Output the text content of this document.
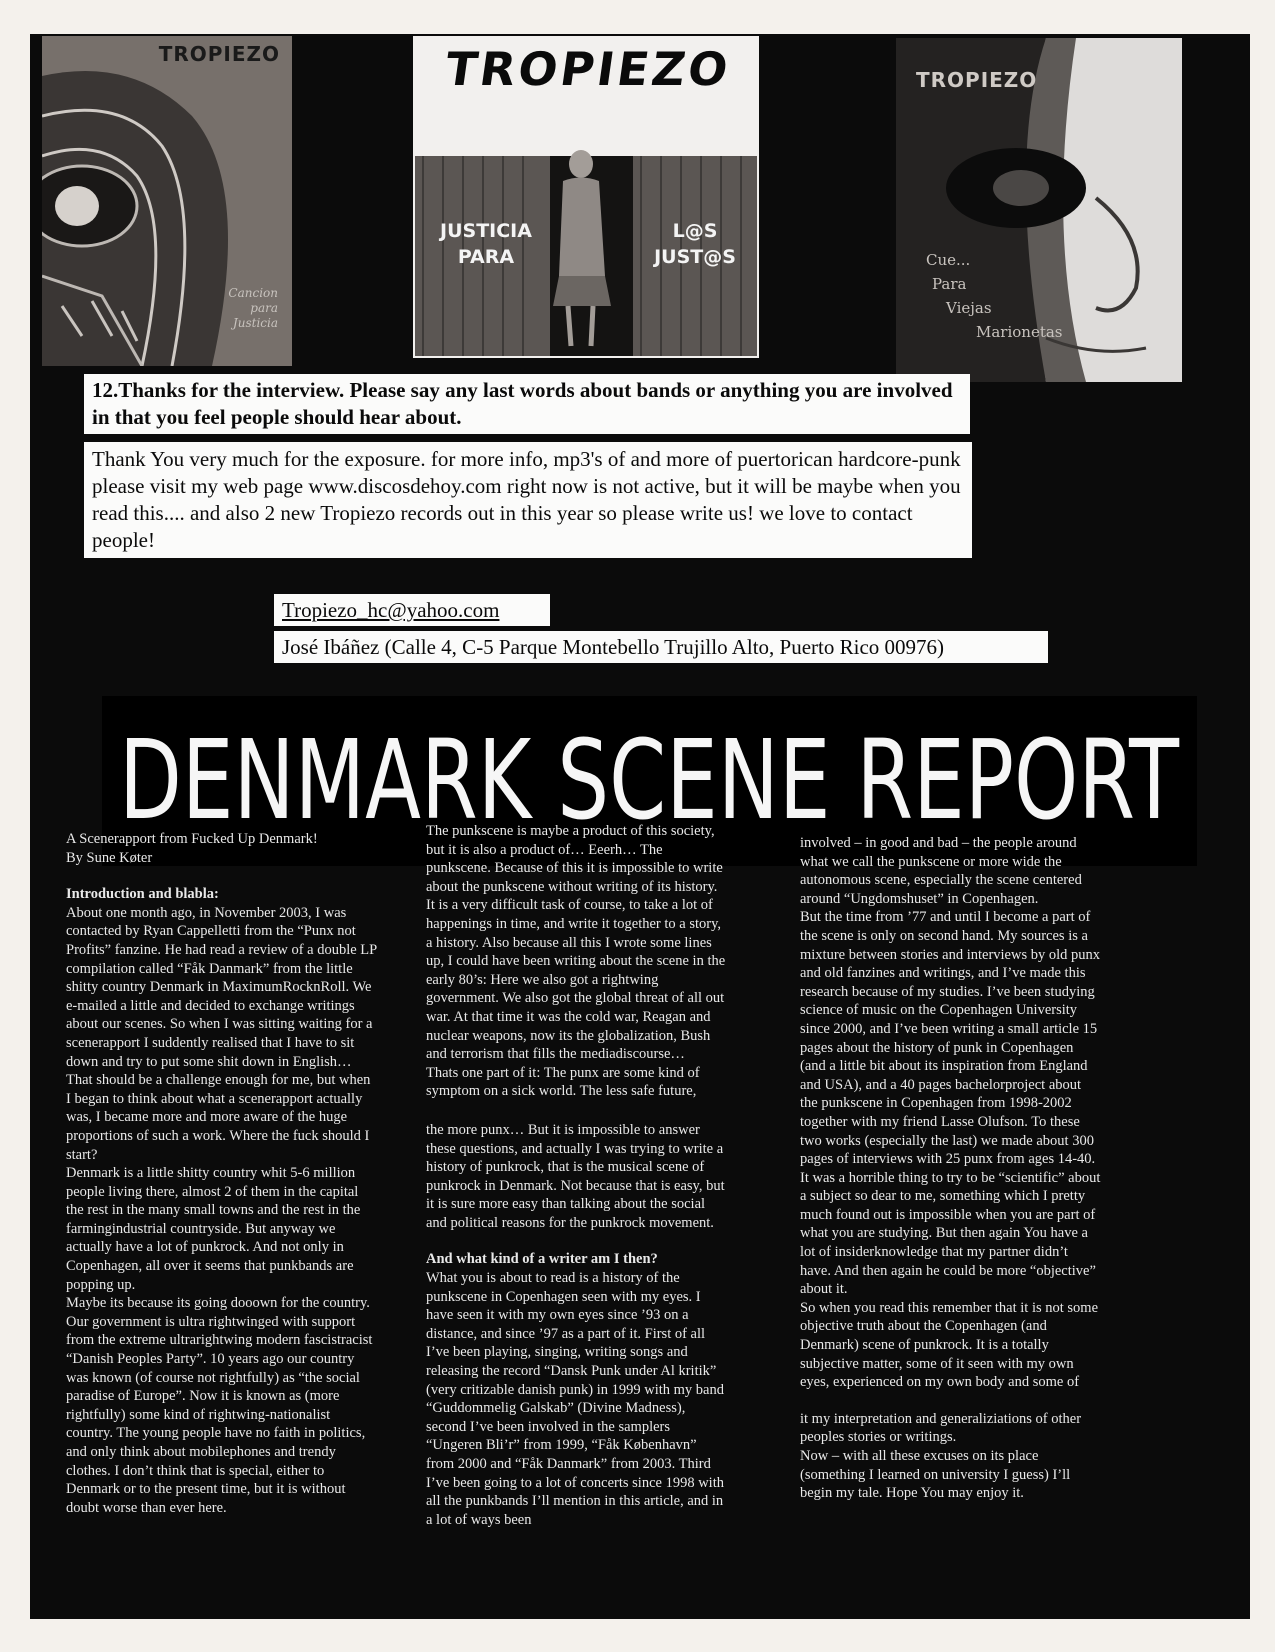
TROPIEZO
Cancion
para
Justicia
TROPIEZO
JUSTICIA
PARA
L@S
JUST@S
TROPIEZO
Cue...
Para
Viejas
Marionetas
12.Thanks for the interview. Please say any last words about bands or anything you are involved in that you feel people should hear about.
Thank You very much for the exposure. for more info, mp3's of and more of puertorican hardcore-punk please visit my web page www.discosdehoy.com right now is not active, but it will be maybe when you read this.... and also 2 new Tropiezo records out in this year so please write us! we love to contact people!
Tropiezo_hc@yahoo.com
José Ibáñez (Calle 4, C-5 Parque Montebello Trujillo Alto, Puerto Rico 00976)
DENMARK SCENE REPORT

A Scenerapport from Fucked Up Denmark!

By Sune Køter

Introduction and blabla:

About one month ago, in November 2003, I was contacted by Ryan Cappelletti from the “Punx not Profits” fanzine. He had read a review of a double LP compilation called “Fåk Danmark” from the little shitty country Denmark in MaximumRocknRoll. We e-mailed a little and decided to exchange writings about our scenes. So when I was sitting waiting for a scenerapport I suddently realised that I have to sit down and try to put some shit down in English… That should be a challenge enough for me, but when I began to think about what a scenerapport actually was, I became more and more aware of the huge proportions of such a work. Where the fuck should I start?

Denmark is a little shitty country whit 5-6 million people living there, almost 2 of them in the capital the rest in the many small towns and the rest in the farmingindustrial countryside. But anyway we actually have a lot of punkrock. And not only in Copenhagen, all over it seems that punkbands are popping up.

Maybe its because its going dooown for the country. Our government is ultra rightwinged with support from the extreme ultrarightwing modern fascistracist “Danish Peoples Party”. 10 years ago our country was known (of course not rightfully) as “the social paradise of Europe”. Now it is known as (more rightfully) some kind of rightwing-nationalist country. The young people have no faith in politics, and only think about mobilephones and trendy clothes. I don’t think that is special, either to Denmark or to the present time, but it is without doubt worse than ever here.

The punkscene is maybe a product of this society, but it is also a product of… Eeerh… The punkscene. Because of this it is impossible to write about the punkscene without writing of its history. It is a very difficult task of course, to take a lot of happenings in time, and write it together to a story, a history. Also because all this I wrote some lines up, I could have been writing about the scene in the early 80’s: Here we also got a rightwing government. We also got the global threat of all out war. At that time it was the cold war, Reagan and nuclear weapons, now its the globalization, Bush and terrorism that fills the mediadiscourse…

Thats one part of it: The punx are some kind of symptom on a sick world. The less safe future,

the more punx… But it is impossible to answer these questions, and actually I was trying to write a history of punkrock, that is the musical scene of punkrock in Denmark. Not because that is easy, but it is sure more easy than talking about the social and political reasons for the punkrock movement.

And what kind of a writer am I then?

What you is about to read is a history of the punkscene in Copenhagen seen with my eyes. I have seen it with my own eyes since ’93 on a distance, and since ’97 as a part of it. First of all I’ve been playing, singing, writing songs and releasing the record “Dansk Punk under Al kritik” (very critizable danish punk) in 1999 with my band “Guddommelig Galskab” (Divine Madness), second I’ve been involved in the samplers “Ungeren Bli’r” from 1999, “Fåk København” from 2000 and “Fåk Danmark” from 2003. Third I’ve been going to a lot of concerts since 1998 with all the punkbands I’ll mention in this article, and in a lot of ways been

involved – in good and bad – the people around what we call the punkscene or more wide the autonomous scene, especially the scene centered around “Ungdomshuset” in Copenhagen.

But the time from ’77 and until I become a part of the scene is only on second hand. My sources is a mixture between stories and interviews by old punx and old fanzines and writings, and I’ve made this research because of my studies. I’ve been studying science of music on the Copenhagen University since 2000, and I’ve been writing a small article 15 pages about the history of punk in Copenhagen (and a little bit about its inspiration from England and USA), and a 40 pages bachelorproject about the punkscene in Copenhagen from 1998-2002 together with my friend Lasse Olufson. To these two works (especially the last) we made about 300 pages of interviews with 25 punx from ages 14-40. It was a horrible thing to try to be “scientific” about a subject so dear to me, something which I pretty much found out is impossible when you are part of what you are studying. But then again You have a lot of insiderknowledge that my partner didn’t have. And then again he could be more “objective” about it.

So when you read this remember that it is not some objective truth about the Copenhagen (and Denmark) scene of punkrock. It is a totally subjective matter, some of it seen with my own eyes, experienced on my own body and some of

it my interpretation and generaliziations of other peoples stories or writings.

Now – with all these excuses on its place (something I learned on university I guess) I’ll begin my tale. Hope You may enjoy it.
